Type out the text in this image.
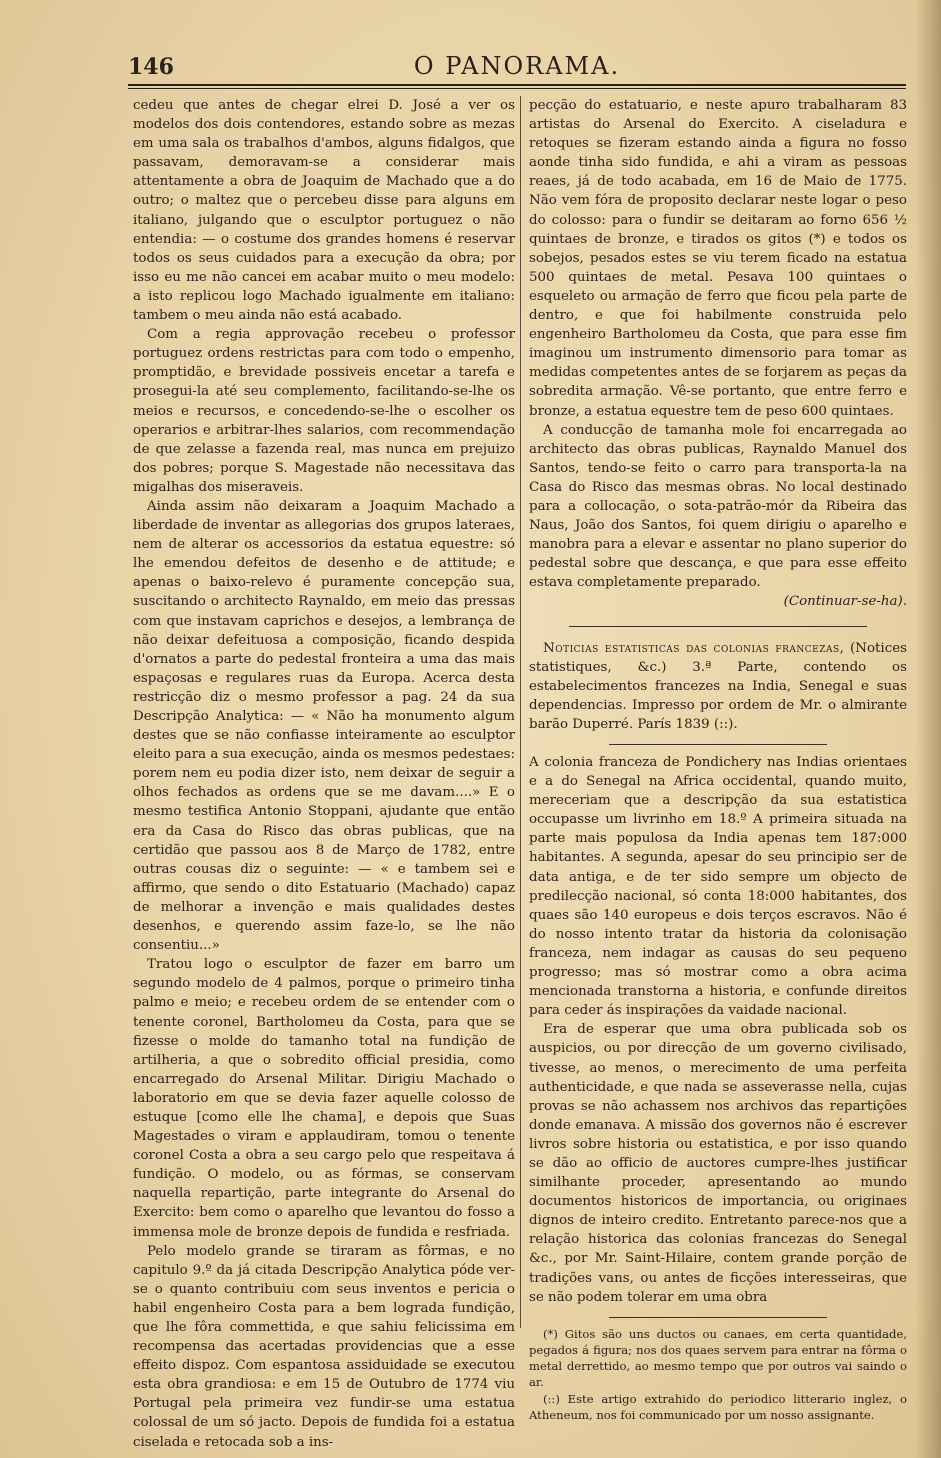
146	O PANORAMA.

cedeu que antes de chegar elrei D. José a ver os modelos dos dois contendores, estando sobre as mezas em uma sala os trabalhos d'ambos, alguns fidalgos, que passavam, demoravam-se a considerar mais attentamente a obra de Joaquim de Machado que a do outro; o maltez que o percebeu disse para alguns em italiano, julgando que o esculptor portuguez o não entendia: — o costume dos grandes homens é reservar todos os seus cuidados para a execução da obra; por isso eu me não cancei em acabar muito o meu modelo: a isto replicou logo Machado igualmente em italiano: tambem o meu ainda não está acabado.

Com a regia approvação recebeu o professor portuguez ordens restrictas para com todo o empenho, promptidão, e brevidade possiveis encetar a tarefa e prosegui-la até seu complemento, facilitando-se-lhe os meios e recursos, e concedendo-se-lhe o escolher os operarios e arbitrar-lhes salarios, com recommendação de que zelasse a fazenda real, mas nunca em prejuizo dos pobres; porque S. Magestade não necessitava das migalhas dos miseraveis.

Ainda assim não deixaram a Joaquim Machado a liberdade de inventar as allegorias dos grupos lateraes, nem de alterar os accessorios da estatua equestre: só lhe emendou defeitos de desenho e de attitude; e apenas o baixo-relevo é puramente concepção sua, suscitando o architecto Raynaldo, em meio das pressas com que instavam caprichos e desejos, a lembrança de não deixar defeituosa a composição, ficando despida d'ornatos a parte do pedestal fronteira a uma das mais espaçosas e regulares ruas da Europa. Acerca desta restricção diz o mesmo professor a pag. 24 da sua Descripção Analytica: — « Não ha monumento algum destes que se não confiasse inteiramente ao esculptor eleito para a sua execução, ainda os mesmos pedestaes: porem nem eu podia dizer isto, nem deixar de seguir a olhos fechados as ordens que se me davam....» E o mesmo testifica Antonio Stoppani, ajudante que então era da Casa do Risco das obras publicas, que na certidão que passou aos 8 de Março de 1782, entre outras cousas diz o seguinte: — « e tambem sei e affirmo, que sendo o dito Estatuario (Machado) capaz de melhorar a invenção e mais qualidades destes desenhos, e querendo assim faze-lo, se lhe não consentiu...»

Tratou logo o esculptor de fazer em barro um segundo modelo de 4 palmos, porque o primeiro tinha palmo e meio; e recebeu ordem de se entender com o tenente coronel, Bartholomeu da Costa, para que se fizesse o molde do tamanho total na fundição de artilheria, a que o sobredito official presidia, como encarregado do Arsenal Militar. Dirigiu Machado o laboratorio em que se devia fazer aquelle colosso de estuque [como elle lhe chama], e depois que Suas Magestades o viram e applaudiram, tomou o tenente coronel Costa a obra a seu cargo pelo que respeitava á fundição. O modelo, ou as fórmas, se conservam naquella repartição, parte integrante do Arsenal do Exercito: bem como o aparelho que levantou do fosso a immensa mole de bronze depois de fundida e resfriada.

Pelo modelo grande se tiraram as fôrmas, e no capitulo 9.º da já citada Descripção Analytica póde ver-se o quanto contribuiu com seus inventos e pericia o habil engenheiro Costa para a bem lograda fundição, que lhe fôra commettida, e que sahiu felicissima em recompensa das acertadas providencias que a esse effeito dispoz. Com espantosa assiduidade se executou esta obra grandiosa: e em 15 de Outubro de 1774 viu Portugal pela primeira vez fundir-se uma estatua colossal de um só jacto. Depois de fundida foi a estatua ciselada e retocada sob a ins-

pecção do estatuario, e neste apuro trabalharam 83 artistas do Arsenal do Exercito. A ciseladura e retoques se fizeram estando ainda a figura no fosso aonde tinha sido fundida, e ahi a viram as pessoas reaes, já de todo acabada, em 16 de Maio de 1775. Não vem fóra de proposito declarar neste logar o peso do colosso: para o fundir se deitaram ao forno 656 ½ quintaes de bronze, e tirados os gitos (*) e todos os sobejos, pesados estes se viu terem ficado na estatua 500 quintaes de metal. Pesava 100 quintaes o esqueleto ou armação de ferro que ficou pela parte de dentro, e que foi habilmente construida pelo engenheiro Bartholomeu da Costa, que para esse fim imaginou um instrumento dimensorio para tomar as medidas competentes antes de se forjarem as peças da sobredita armação. Vê-se portanto, que entre ferro e bronze, a estatua equestre tem de peso 600 quintaes.

A conducção de tamanha mole foi encarregada ao architecto das obras publicas, Raynaldo Manuel dos Santos, tendo-se feito o carro para transporta-la na Casa do Risco das mesmas obras. No local destinado para a collocação, o sota-patrão-mór da Ribeira das Naus, João dos Santos, foi quem dirigiu o aparelho e manobra para a elevar e assentar no plano superior do pedestal sobre que descança, e que para esse effeito estava completamente preparado.

(Continuar-se-ha).

Noticias estatisticas das colonias francezas, (Notices statistiques, &c.) 3.ª Parte, contendo os estabelecimentos francezes na India, Senegal e suas dependencias. Impresso por ordem de Mr. o almirante barão Duperré. París 1839 (::).

A colonia franceza de Pondichery nas Indias orientaes e a do Senegal na Africa occidental, quando muito, mereceriam que a descripção da sua estatistica occupasse um livrinho em 18.º A primeira situada na parte mais populosa da India apenas tem 187:000 habitantes. A segunda, apesar do seu principio ser de data antiga, e de ter sido sempre um objecto de predilecção nacional, só conta 18:000 habitantes, dos quaes são 140 europeus e dois terços escravos. Não é do nosso intento tratar da historia da colonisação franceza, nem indagar as causas do seu pequeno progresso; mas só mostrar como a obra acima mencionada transtorna a historia, e confunde direitos para ceder ás inspirações da vaidade nacional.

Era de esperar que uma obra publicada sob os auspicios, ou por direcção de um governo civilisado, tivesse, ao menos, o merecimento de uma perfeita authenticidade, e que nada se asseverasse nella, cujas provas se não achassem nos archivos das repartições donde emanava. A missão dos governos não é escrever livros sobre historia ou estatistica, e por isso quando se dão ao officio de auctores cumpre-lhes justificar similhante proceder, apresentando ao mundo documentos historicos de importancia, ou originaes dignos de inteiro credito. Entretanto parece-nos que a relação historica das colonias francezas do Senegal &c., por Mr. Saint-Hilaire, contem grande porção de tradições vans, ou antes de ficções interesseiras, que se não podem tolerar em uma obra

(*) Gitos são uns ductos ou canaes, em certa quantidade, pegados á figura; nos dos quaes servem para entrar na fôrma o metal derrettido, ao mesmo tempo que por outros vai saindo o ar.

(::) Este artigo extrahido do periodico litterario inglez, o Atheneum, nos foi communicado por um nosso assignante.
